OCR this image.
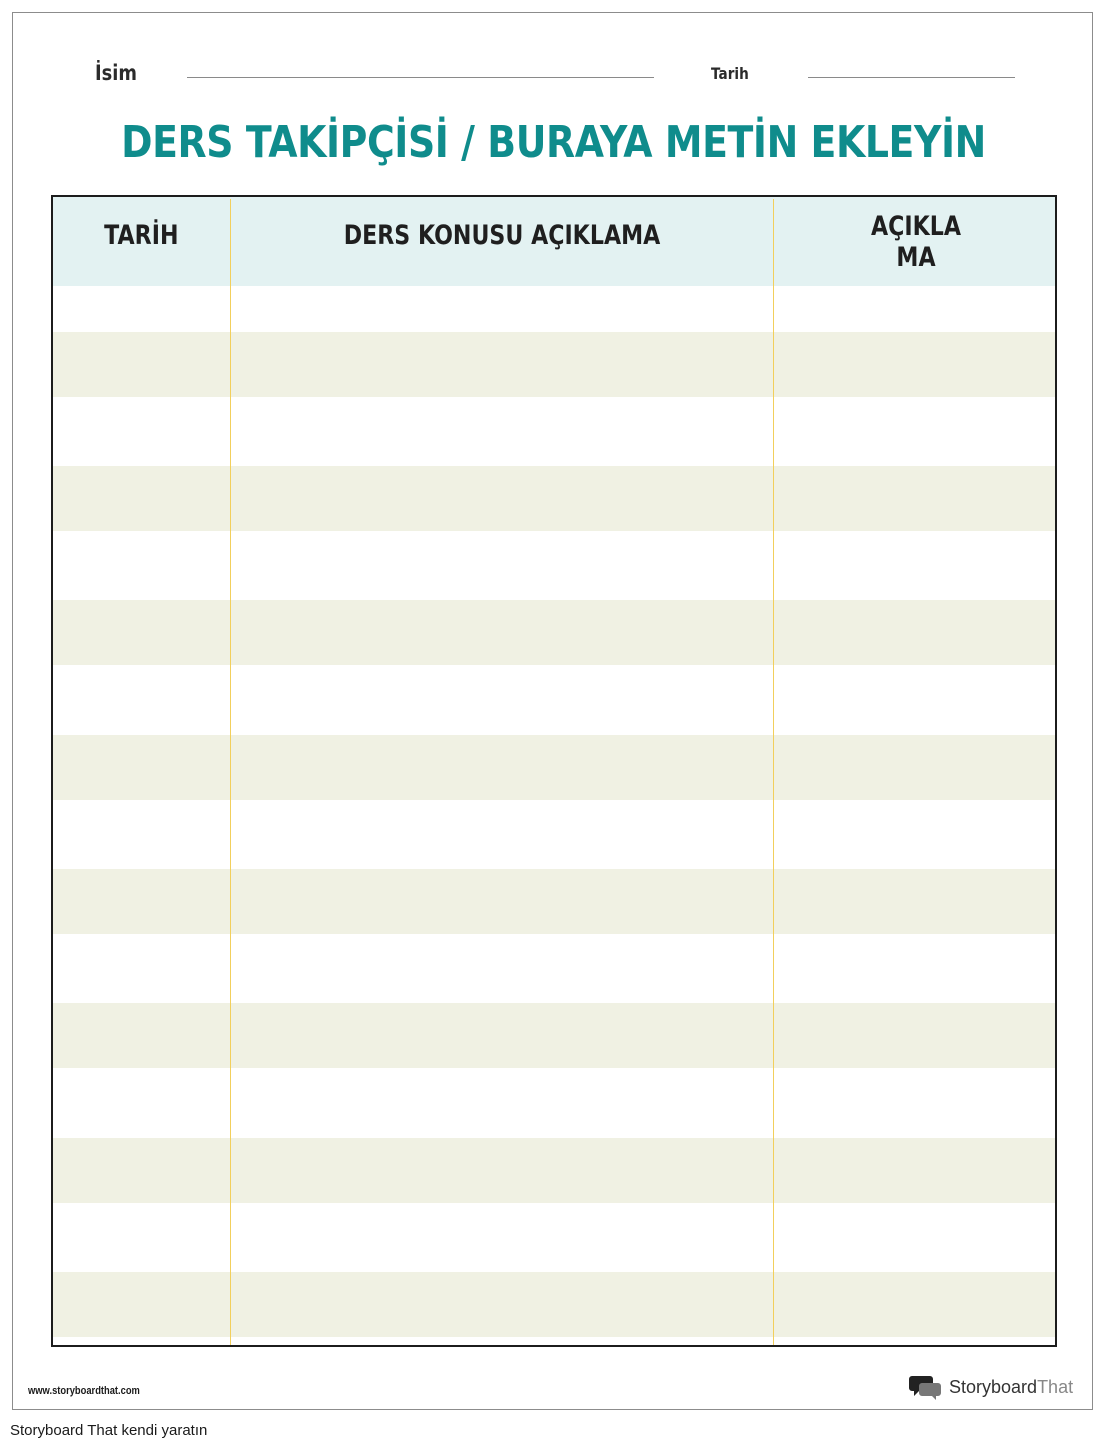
İsim	Tarih
DERS TAKİPÇİSİ / BURAYA METİN EKLEYİN
TARİH	DERS KONUSU AÇIKLAMA	AÇIKLAMA
www.storyboardthat.com	StoryboardThat
Storyboard That kendi yaratın
